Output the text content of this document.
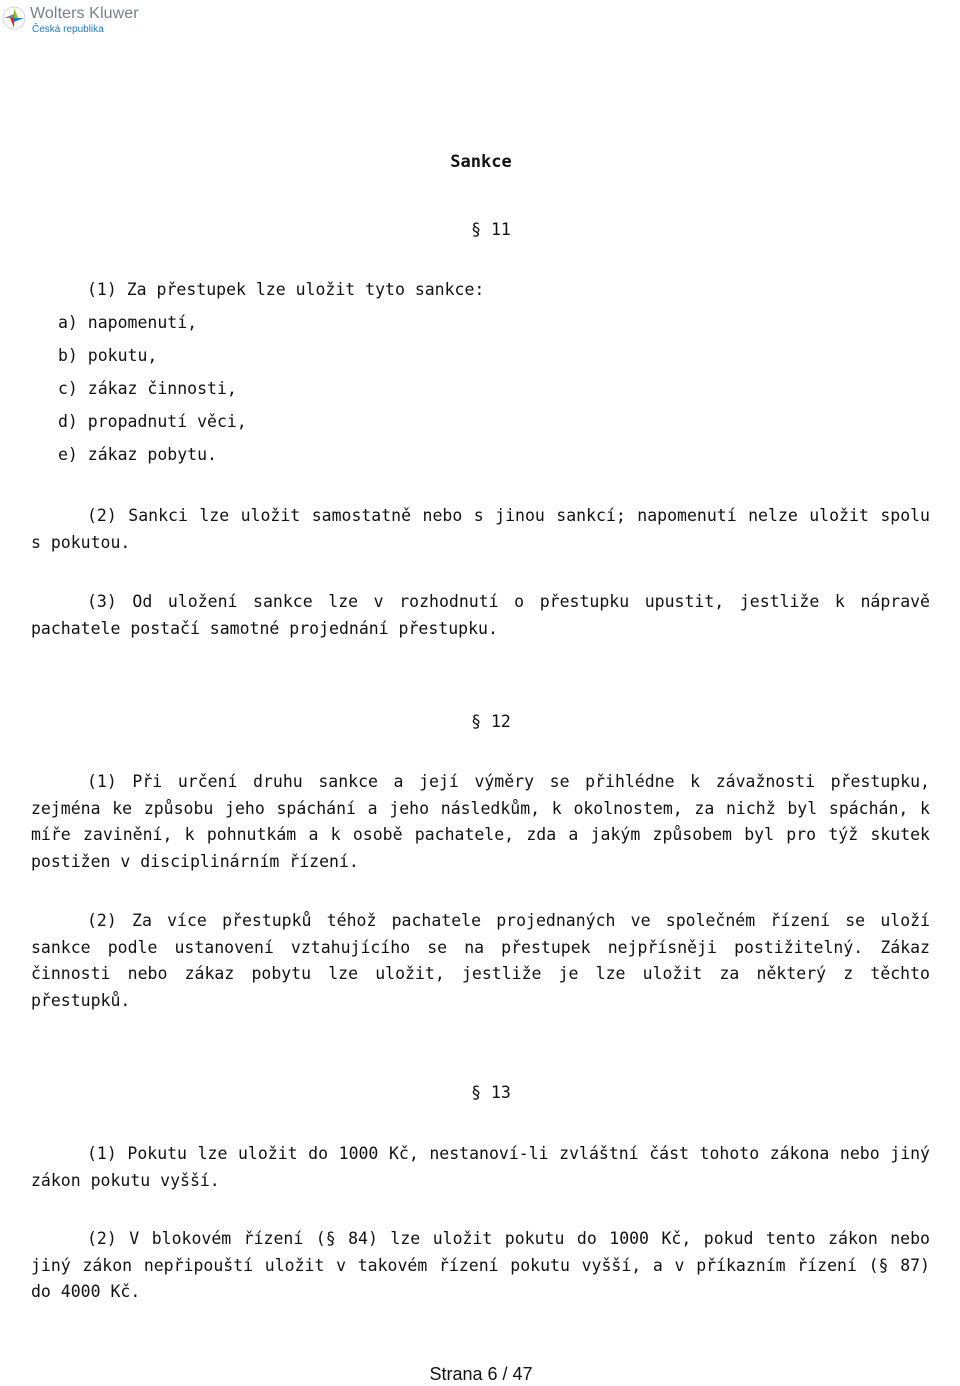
Wolters Kluwer
Česká republika
Sankce
§ 11
(1) Za přestupek lze uložit tyto sankce:
a) napomenutí,
b) pokutu,
c) zákaz činnosti,
d) propadnutí věci,
e) zákaz pobytu.

(2) Sankci lze uložit samostatně nebo s jinou sankcí; napomenutí nelze uložit spolu s pokutou.

(3) Od uložení sankce lze v rozhodnutí o přestupku upustit, jestliže k nápravě pachatele postačí samotné projednání přestupku.

§ 12

(1) Při určení druhu sankce a její výměry se přihlédne k závažnosti přestupku, zejména ke způsobu jeho spáchání a jeho následkům, k okolnostem, za nichž byl spáchán, k míře zavinění, k pohnutkám a k osobě pachatele, zda a jakým způsobem byl pro týž skutek postižen v disciplinárním řízení.

(2) Za více přestupků téhož pachatele projednaných ve společném řízení se uloží sankce podle ustanovení vztahujícího se na přestupek nejpřísněji postižitelný. Zákaz činnosti nebo zákaz pobytu lze uložit, jestliže je lze uložit za některý z těchto přestupků.

§ 13

(1) Pokutu lze uložit do 1000 Kč, nestanoví-li zvláštní část tohoto zákona nebo jiný zákon pokutu vyšší.

(2) V blokovém řízení (§ 84) lze uložit pokutu do 1000 Kč, pokud tento zákon nebo jiný zákon nepřipouští uložit v takovém řízení pokutu vyšší, a v příkazním řízení (§ 87) do 4000 Kč.

Strana 6 / 47
